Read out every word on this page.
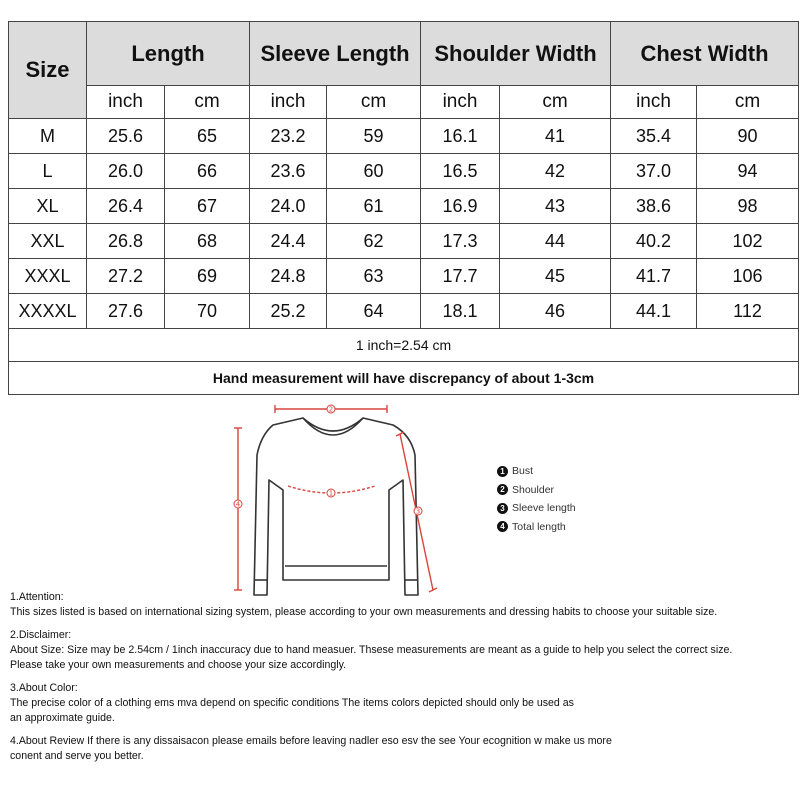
Size	Length		Sleeve Length		Shoulder Width		Chest Width	
	inch	cm	inch	cm	inch	cm	inch	cm
M	25.6	65	23.2	59	16.1	41	35.4	90
L	26.0	66	23.6	60	16.5	42	37.0	94
XL	26.4	67	24.0	61	16.9	43	38.6	98
XXL	26.8	68	24.4	62	17.3	44	40.2	102
XXXL	27.2	69	24.8	63	17.7	45	41.7	106
XXXXL	27.6	70	25.2	64	18.1	46	44.1	112
1 inch=2.54 cm								
Hand measurement will have discrepancy of about 1-3cm								
2
1
3
4
1 Bust
2 Shoulder
3 Sleeve length
4 Total length

1.Attention:
This sizes listed is based on international sizing system, please according to your own measurements and dressing habits to choose your suitable size.

2.Disclaimer:
About Size: Size may be 2.54cm / 1inch inaccuracy due to hand measuer. Thsese measurements are meant as a guide to help you select the correct size.
Please take your own measurements and choose your size accordingly.

3.About Color:
The precise color of a clothing ems mva depend on specific conditions The items colors depicted should only be used as
an approximate guide.

4.About Review If there is any dissaisacon please emails before leaving nadler eso esv the see Your ecognition w make us more
conent and serve you better.
